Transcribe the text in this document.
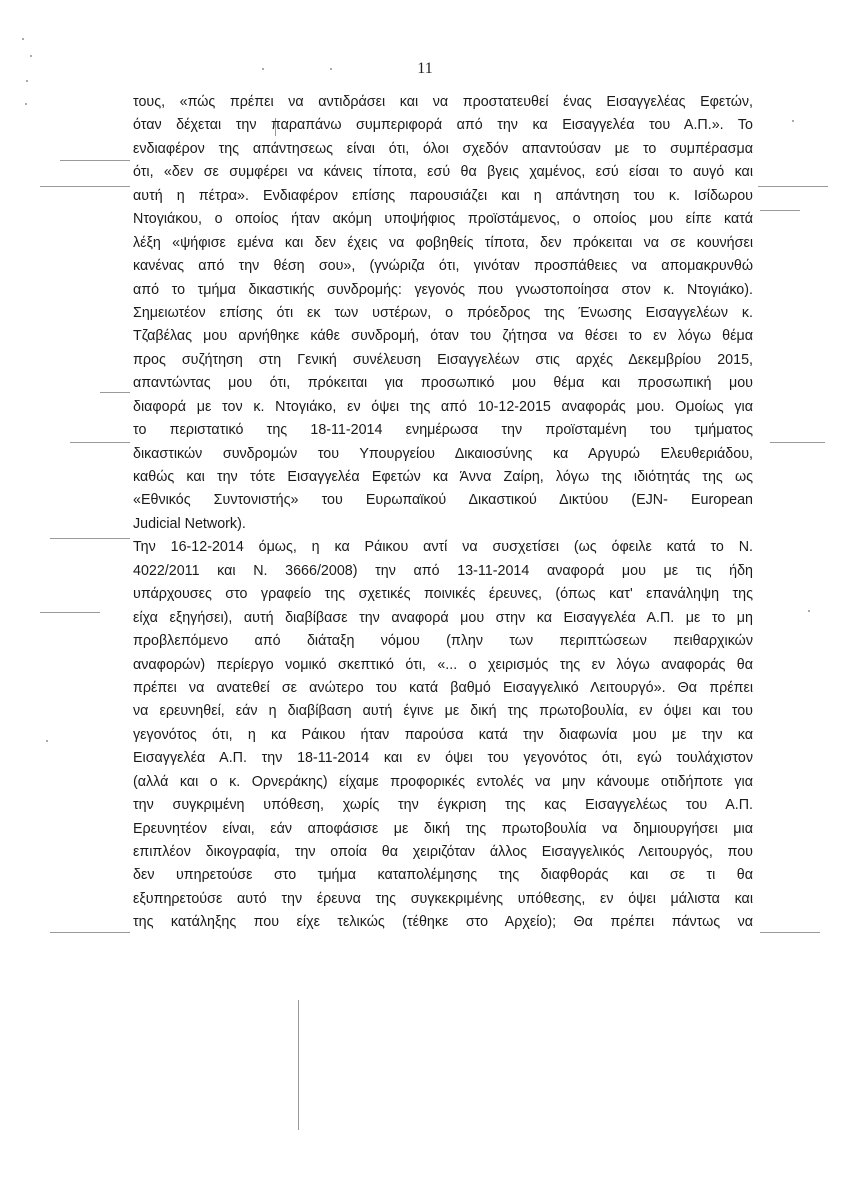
11
τους, «πώς πρέπει να αντιδράσει και να προστατευθεί ένας Εισαγγελέας Εφετών,
όταν δέχεται την παραπάνω συμπεριφορά από την κα Εισαγγελέα του Α.Π.». Το
ενδιαφέρον της απάντησεως είναι ότι, όλοι σχεδόν απαντούσαν με το συμπέρασμα
ότι, «δεν σε συμφέρει να κάνεις τίποτα, εσύ θα βγεις χαμένος, εσύ είσαι το αυγό και
αυτή η πέτρα». Ενδιαφέρον επίσης παρουσιάζει και η απάντηση του κ. Ισίδωρου
Ντογιάκου, ο οποίος ήταν ακόμη υποψήφιος προϊστάμενος, ο οποίος μου είπε κατά
λέξη «ψήφισε εμένα και δεν έχεις να φοβηθείς τίποτα, δεν πρόκειται να σε κουνήσει
κανένας από την θέση σου», (γνώριζα ότι, γινόταν προσπάθειες να απομακρυνθώ
από το τμήμα δικαστικής συνδρομής: γεγονός που γνωστοποίησα στον κ. Ντογιάκο).
Σημειωτέον επίσης ότι εκ των υστέρων, ο πρόεδρος της Ένωσης Εισαγγελέων κ.
Τζαβέλας μου αρνήθηκε κάθε συνδρομή, όταν του ζήτησα να θέσει το εν λόγω θέμα
προς συζήτηση στη Γενική συνέλευση Εισαγγελέων στις αρχές Δεκεμβρίου 2015,
απαντώντας μου ότι, πρόκειται για προσωπικό μου θέμα και προσωπική μου
διαφορά με τον κ. Ντογιάκο, εν όψει της από 10-12-2015 αναφοράς μου. Ομοίως για
το περιστατικό της 18-11-2014 ενημέρωσα την προϊσταμένη του τμήματος
δικαστικών συνδρομών του Υπουργείου Δικαιοσύνης κα Αργυρώ Ελευθεριάδου,
καθώς και την τότε Εισαγγελέα Εφετών κα Άννα Ζαίρη, λόγω της ιδιότητάς της ως
«Εθνικός Συντονιστής» του Ευρωπαϊκού Δικαστικού Δικτύου (EJN- European
Judicial Network).
Την 16-12-2014 όμως, η κα Ράικου αντί να συσχετίσει (ως όφειλε κατά το Ν.
4022/2011 και Ν. 3666/2008) την από 13-11-2014 αναφορά μου με τις ήδη
υπάρχουσες στο γραφείο της σχετικές ποινικές έρευνες, (όπως κατ' επανάληψη της
είχα εξηγήσει), αυτή διαβίβασε την αναφορά μου στην κα Εισαγγελέα Α.Π. με το μη
προβλεπόμενο από διάταξη νόμου (πλην των περιπτώσεων πειθαρχικών
αναφορών) περίεργο νομικό σκεπτικό ότι, «... ο χειρισμός της εν λόγω αναφοράς θα
πρέπει να ανατεθεί σε ανώτερο του κατά βαθμό Εισαγγελικό Λειτουργό». Θα πρέπει
να ερευνηθεί, εάν η διαβίβαση αυτή έγινε με δική της πρωτοβουλία, εν όψει και του
γεγονότος ότι, η κα Ράικου ήταν παρούσα κατά την διαφωνία μου με την κα
Εισαγγελέα Α.Π. την 18-11-2014 και εν όψει του γεγονότος ότι, εγώ τουλάχιστον
(αλλά και ο κ. Ορνεράκης) είχαμε προφορικές εντολές να μην κάνουμε οτιδήποτε για
την συγκριμένη υπόθεση, χωρίς την έγκριση της κας Εισαγγελέως του Α.Π.
Ερευνητέον είναι, εάν αποφάσισε με δική της πρωτοβουλία να δημιουργήσει μια
επιπλέον δικογραφία, την οποία θα χειριζόταν άλλος Εισαγγελικός Λειτουργός, που
δεν υπηρετούσε στο τμήμα καταπολέμησης της διαφθοράς και σε τι θα
εξυπηρετούσε αυτό την έρευνα της συγκεκριμένης υπόθεσης, εν όψει μάλιστα και
της κατάληξης που είχε τελικώς (τέθηκε στο Αρχείο); Θα πρέπει πάντως να
